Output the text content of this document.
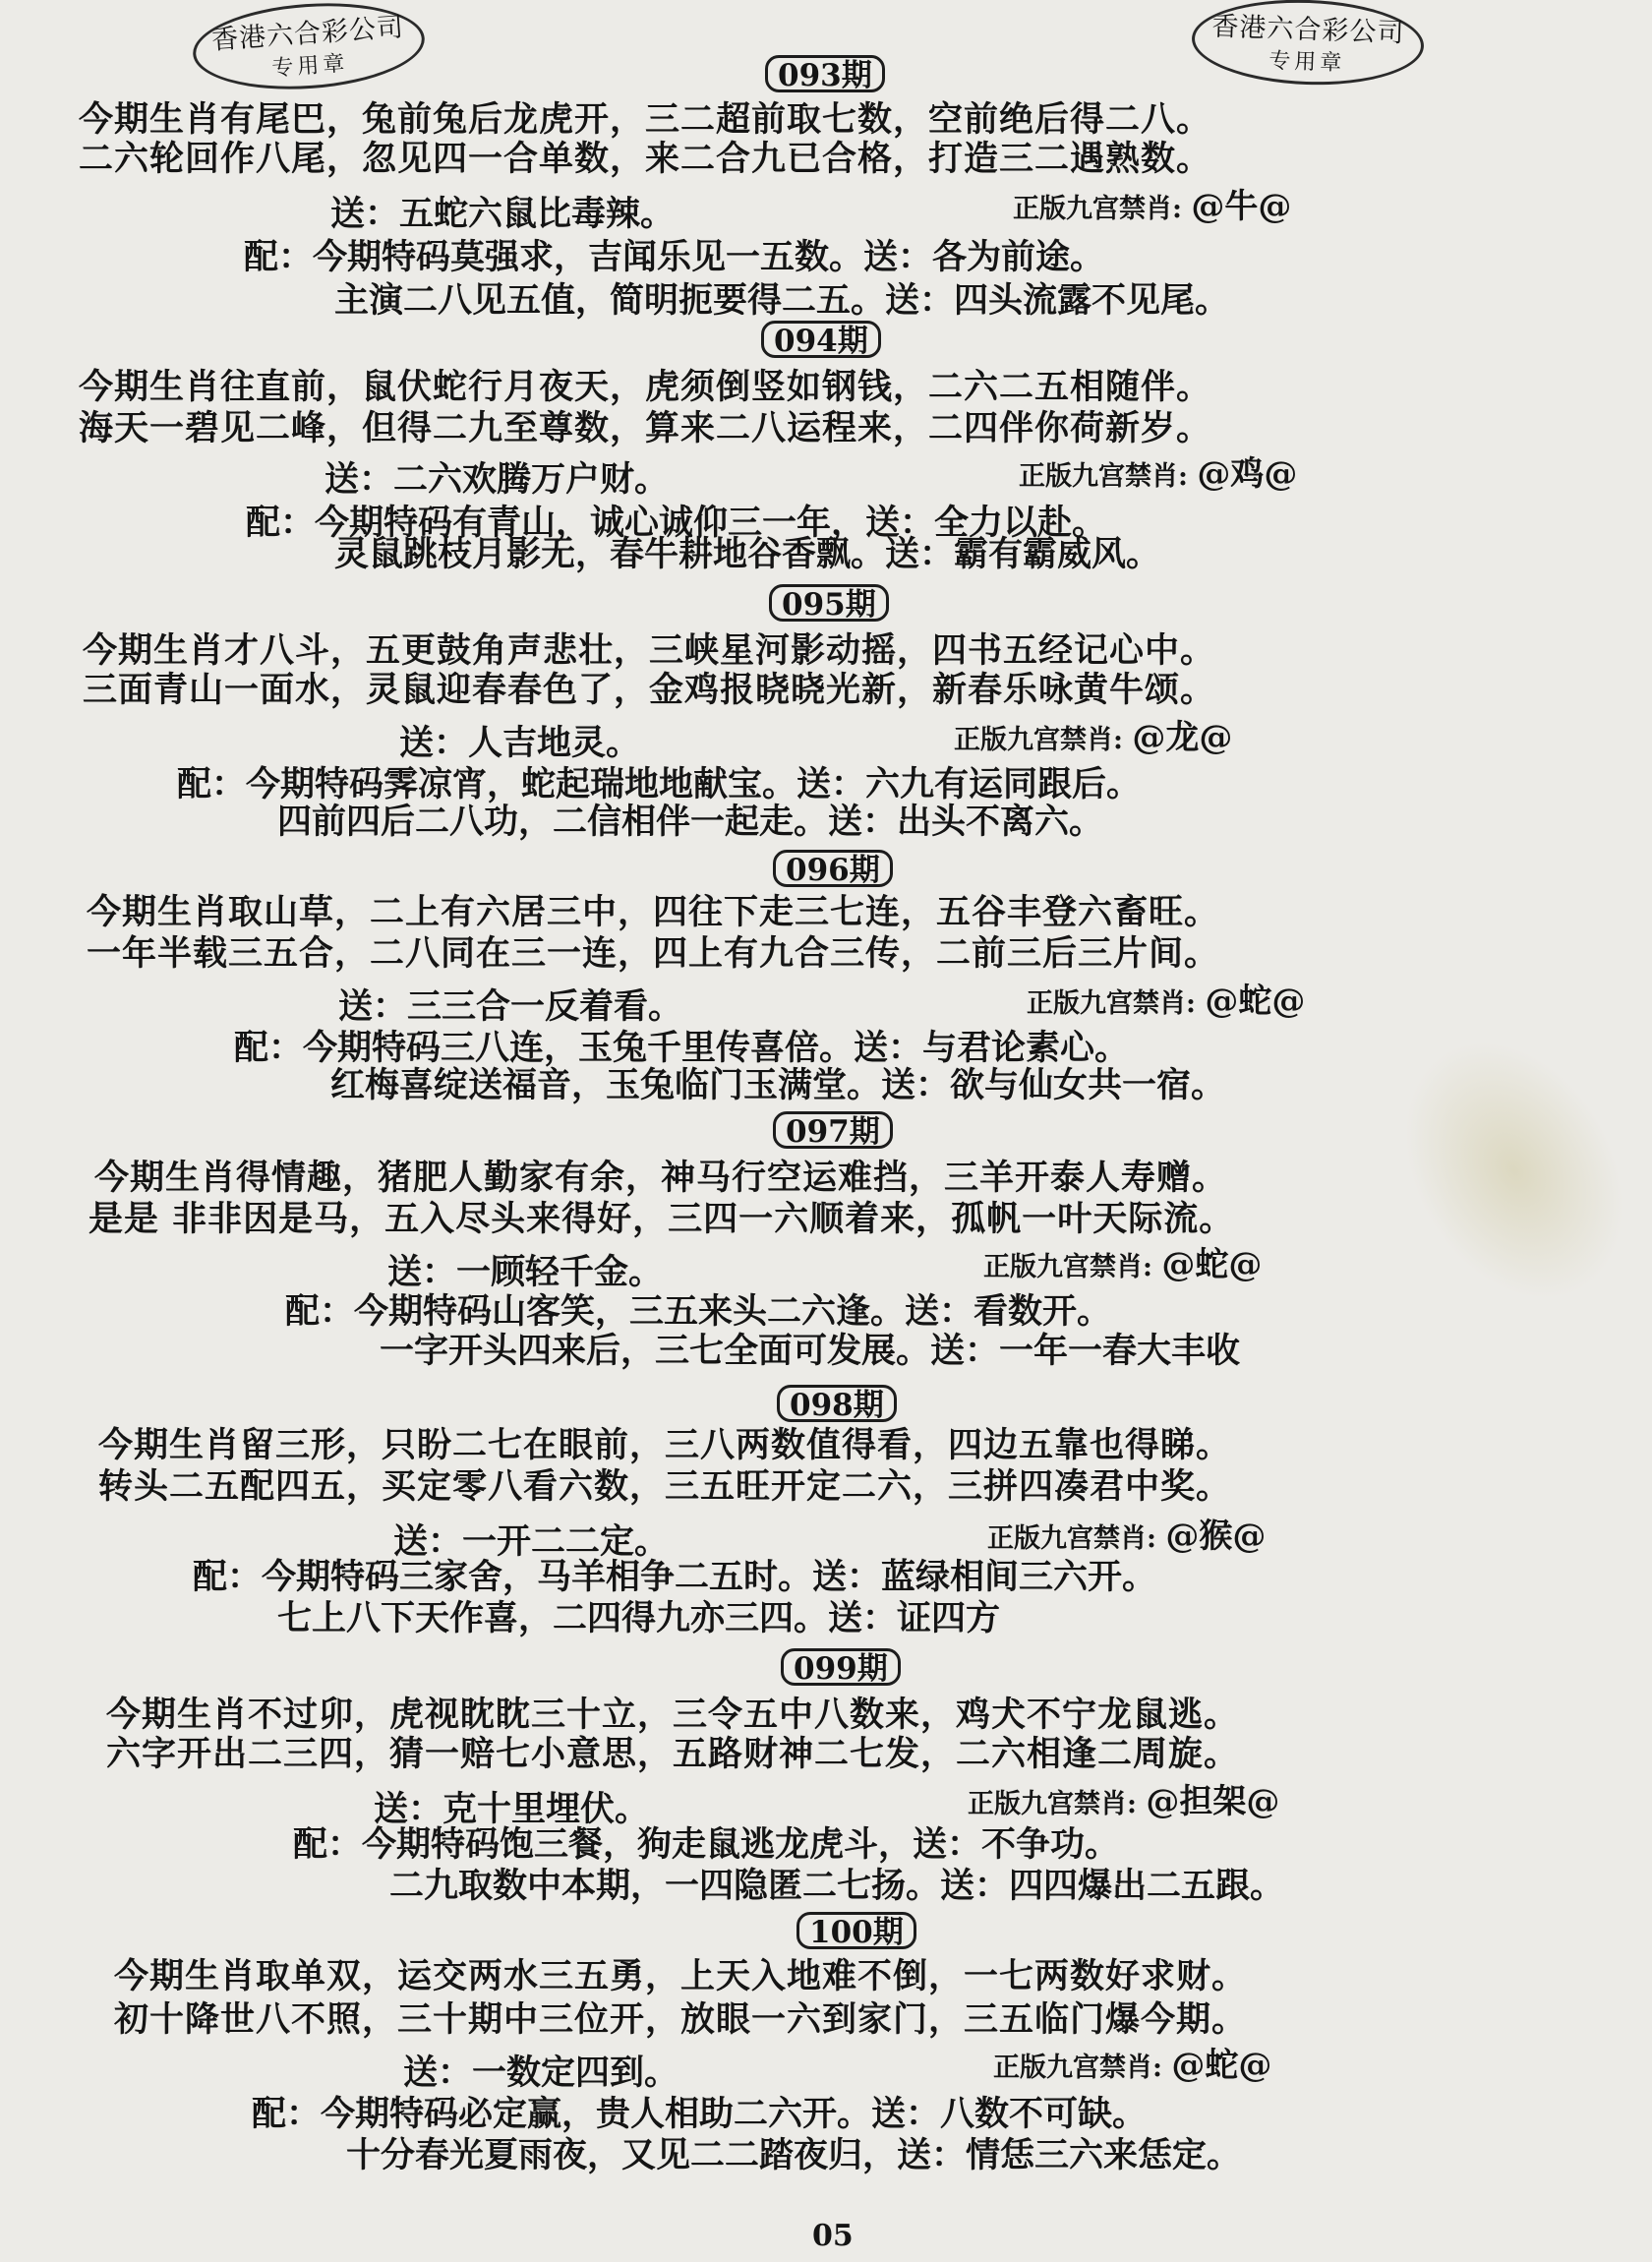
香港六合彩公司
专用章
香港六合彩公司
专用章
093期
今期生肖有尾巴，兔前兔后龙虎开，三二超前取七数，空前绝后得二八。
二六轮回作八尾，忽见四一合单数，来二合九已合格，打造三二遇熟数。
送：五蛇六鼠比毒辣。	正版九宫禁肖: @牛@
配：今期特码莫强求，吉闻乐见一五数。送：各为前途。
主演二八见五值，简明扼要得二五。送：四头流露不见尾。
094期
今期生肖往直前，鼠伏蛇行月夜天，虎须倒竖如钢钱，二六二五相随伴。
海天一碧见二峰，但得二九至尊数，算来二八运程来，二四伴你荷新岁。
送：二六欢腾万户财。	正版九宫禁肖: @鸡@
配：今期特码有青山，诚心诚仰三一年，送：全力以赴。
灵鼠跳枝月影无，春牛耕地谷香飘。送：霸有霸威风。
095期
今期生肖才八斗，五更鼓角声悲壮，三峡星河影动摇，四书五经记心中。
三面青山一面水，灵鼠迎春春色了，金鸡报晓晓光新，新春乐咏黄牛颂。
送：人吉地灵。	正版九宫禁肖: @龙@
配：今期特码霁凉宵，蛇起瑞地地献宝。送：六九有运同跟后。
四前四后二八功，二信相伴一起走。送：出头不离六。
096期
今期生肖取山草，二上有六居三中，四往下走三七连，五谷丰登六畜旺。
一年半载三五合，二八同在三一连，四上有九合三传，二前三后三片间。
送：三三合一反着看。	正版九宫禁肖: @蛇@
配：今期特码三八连，玉兔千里传喜倍。送：与君论素心。
红梅喜绽送福音，玉兔临门玉满堂。送：欲与仙女共一宿。
097期
今期生肖得情趣，猪肥人勤家有余，神马行空运难挡，三羊开泰人寿赠。
是是 非非因是马，五入尽头来得好，三四一六顺着来，孤帆一叶天际流。
送：一顾轻千金。	正版九宫禁肖: @蛇@
配：今期特码山客笑，三五来头二六逢。送：看数开。
一字开头四来后，三七全面可发展。送：一年一春大丰收
098期
今期生肖留三形，只盼二七在眼前，三八两数值得看，四边五靠也得睇。
转头二五配四五，买定零八看六数，三五旺开定二六，三拼四凑君中奖。
送：一开二二定。	正版九宫禁肖: @猴@
配：今期特码三家舍，马羊相争二五时。送：蓝绿相间三六开。
七上八下天作喜，二四得九亦三四。送：证四方
099期
今期生肖不过卯，虎视眈眈三十立，三令五中八数来，鸡犬不宁龙鼠逃。
六字开出二三四，猜一赔七小意思，五路财神二七发，二六相逢二周旋。
送：克十里埋伏。	正版九宫禁肖: @担架@
配：今期特码饱三餐，狗走鼠逃龙虎斗，送：不争功。
二九取数中本期，一四隐匿二七扬。送：四四爆出二五跟。
100期
今期生肖取单双，运交两水三五勇，上天入地难不倒，一七两数好求财。
初十降世八不照，三十期中三位开，放眼一六到家门，三五临门爆今期。
送：一数定四到。	正版九宫禁肖: @蛇@
配：今期特码必定赢，贵人相助二六开。送：八数不可缺。
十分春光夏雨夜，又见二二踏夜归，送：情恁三六来恁定。
05
